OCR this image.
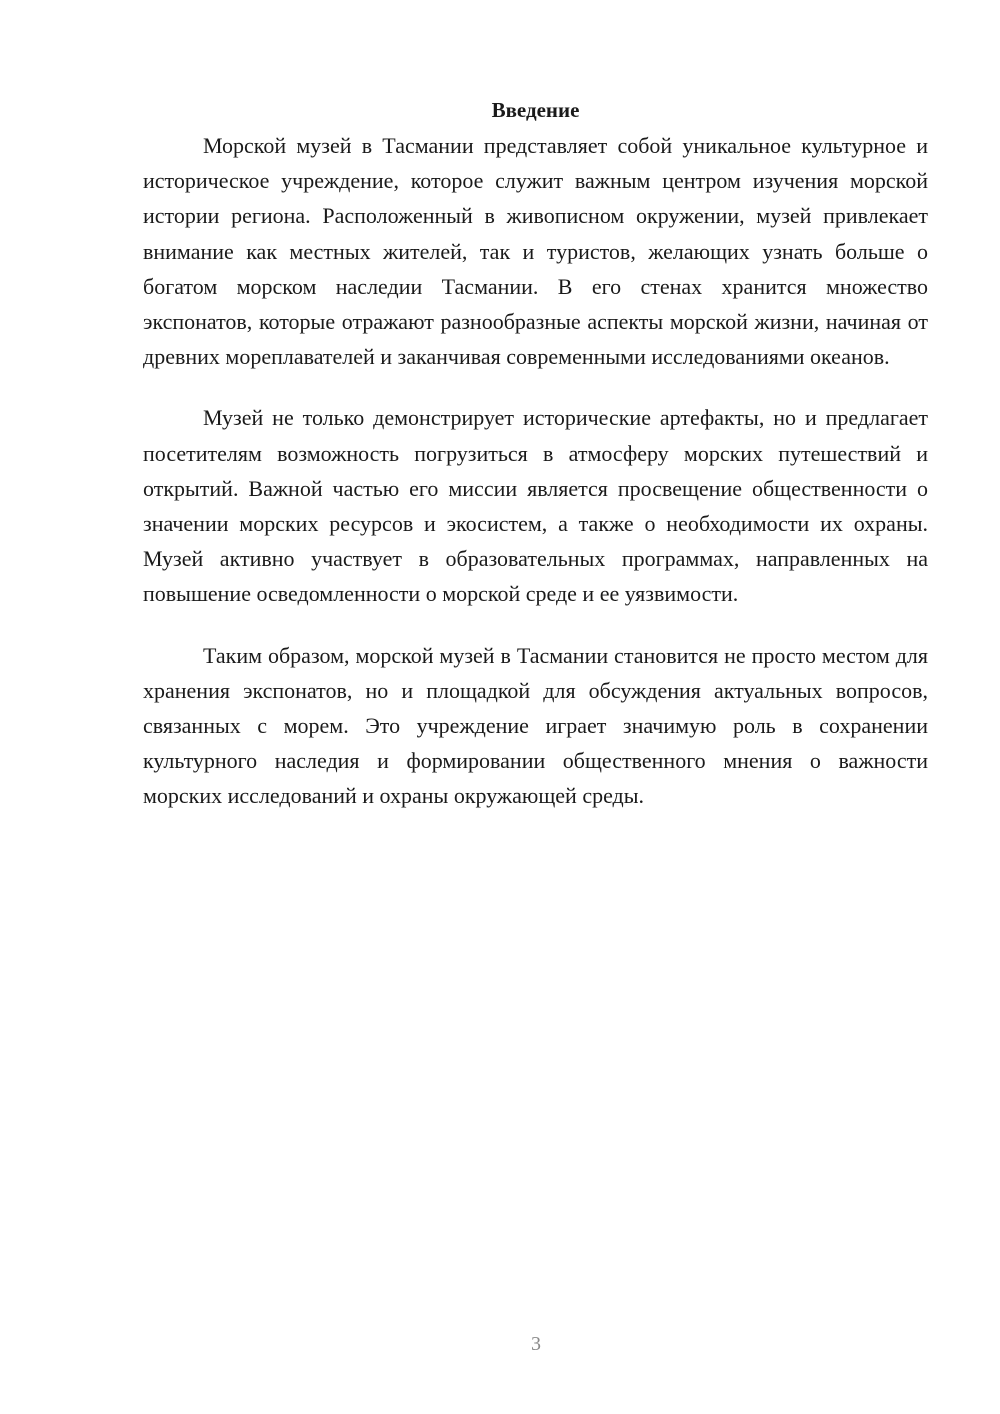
Введение

Морской музей в Тасмании представляет собой уникальное культурное и историческое учреждение, которое служит важным центром изучения морской истории региона. Расположенный в живописном окружении, музей привлекает внимание как местных жителей, так и туристов, желающих узнать больше о богатом морском наследии Тасмании. В его стенах хранится множество экспонатов, которые отражают разнообразные аспекты морской жизни, начиная от древних мореплавателей и заканчивая современными исследованиями океанов.

Музей не только демонстрирует исторические артефакты, но и предлагает посетителям возможность погрузиться в атмосферу морских путешествий и открытий. Важной частью его миссии является просвещение общественности о значении морских ресурсов и экосистем, а также о необходимости их охраны. Музей активно участвует в образовательных программах, направленных на повышение осведомленности о морской среде и ее уязвимости.

Таким образом, морской музей в Тасмании становится не просто местом для хранения экспонатов, но и площадкой для обсуждения актуальных вопросов, связанных с морем. Это учреждение играет значимую роль в сохранении культурного наследия и формировании общественного мнения о важности морских исследований и охраны окружающей среды.

3
